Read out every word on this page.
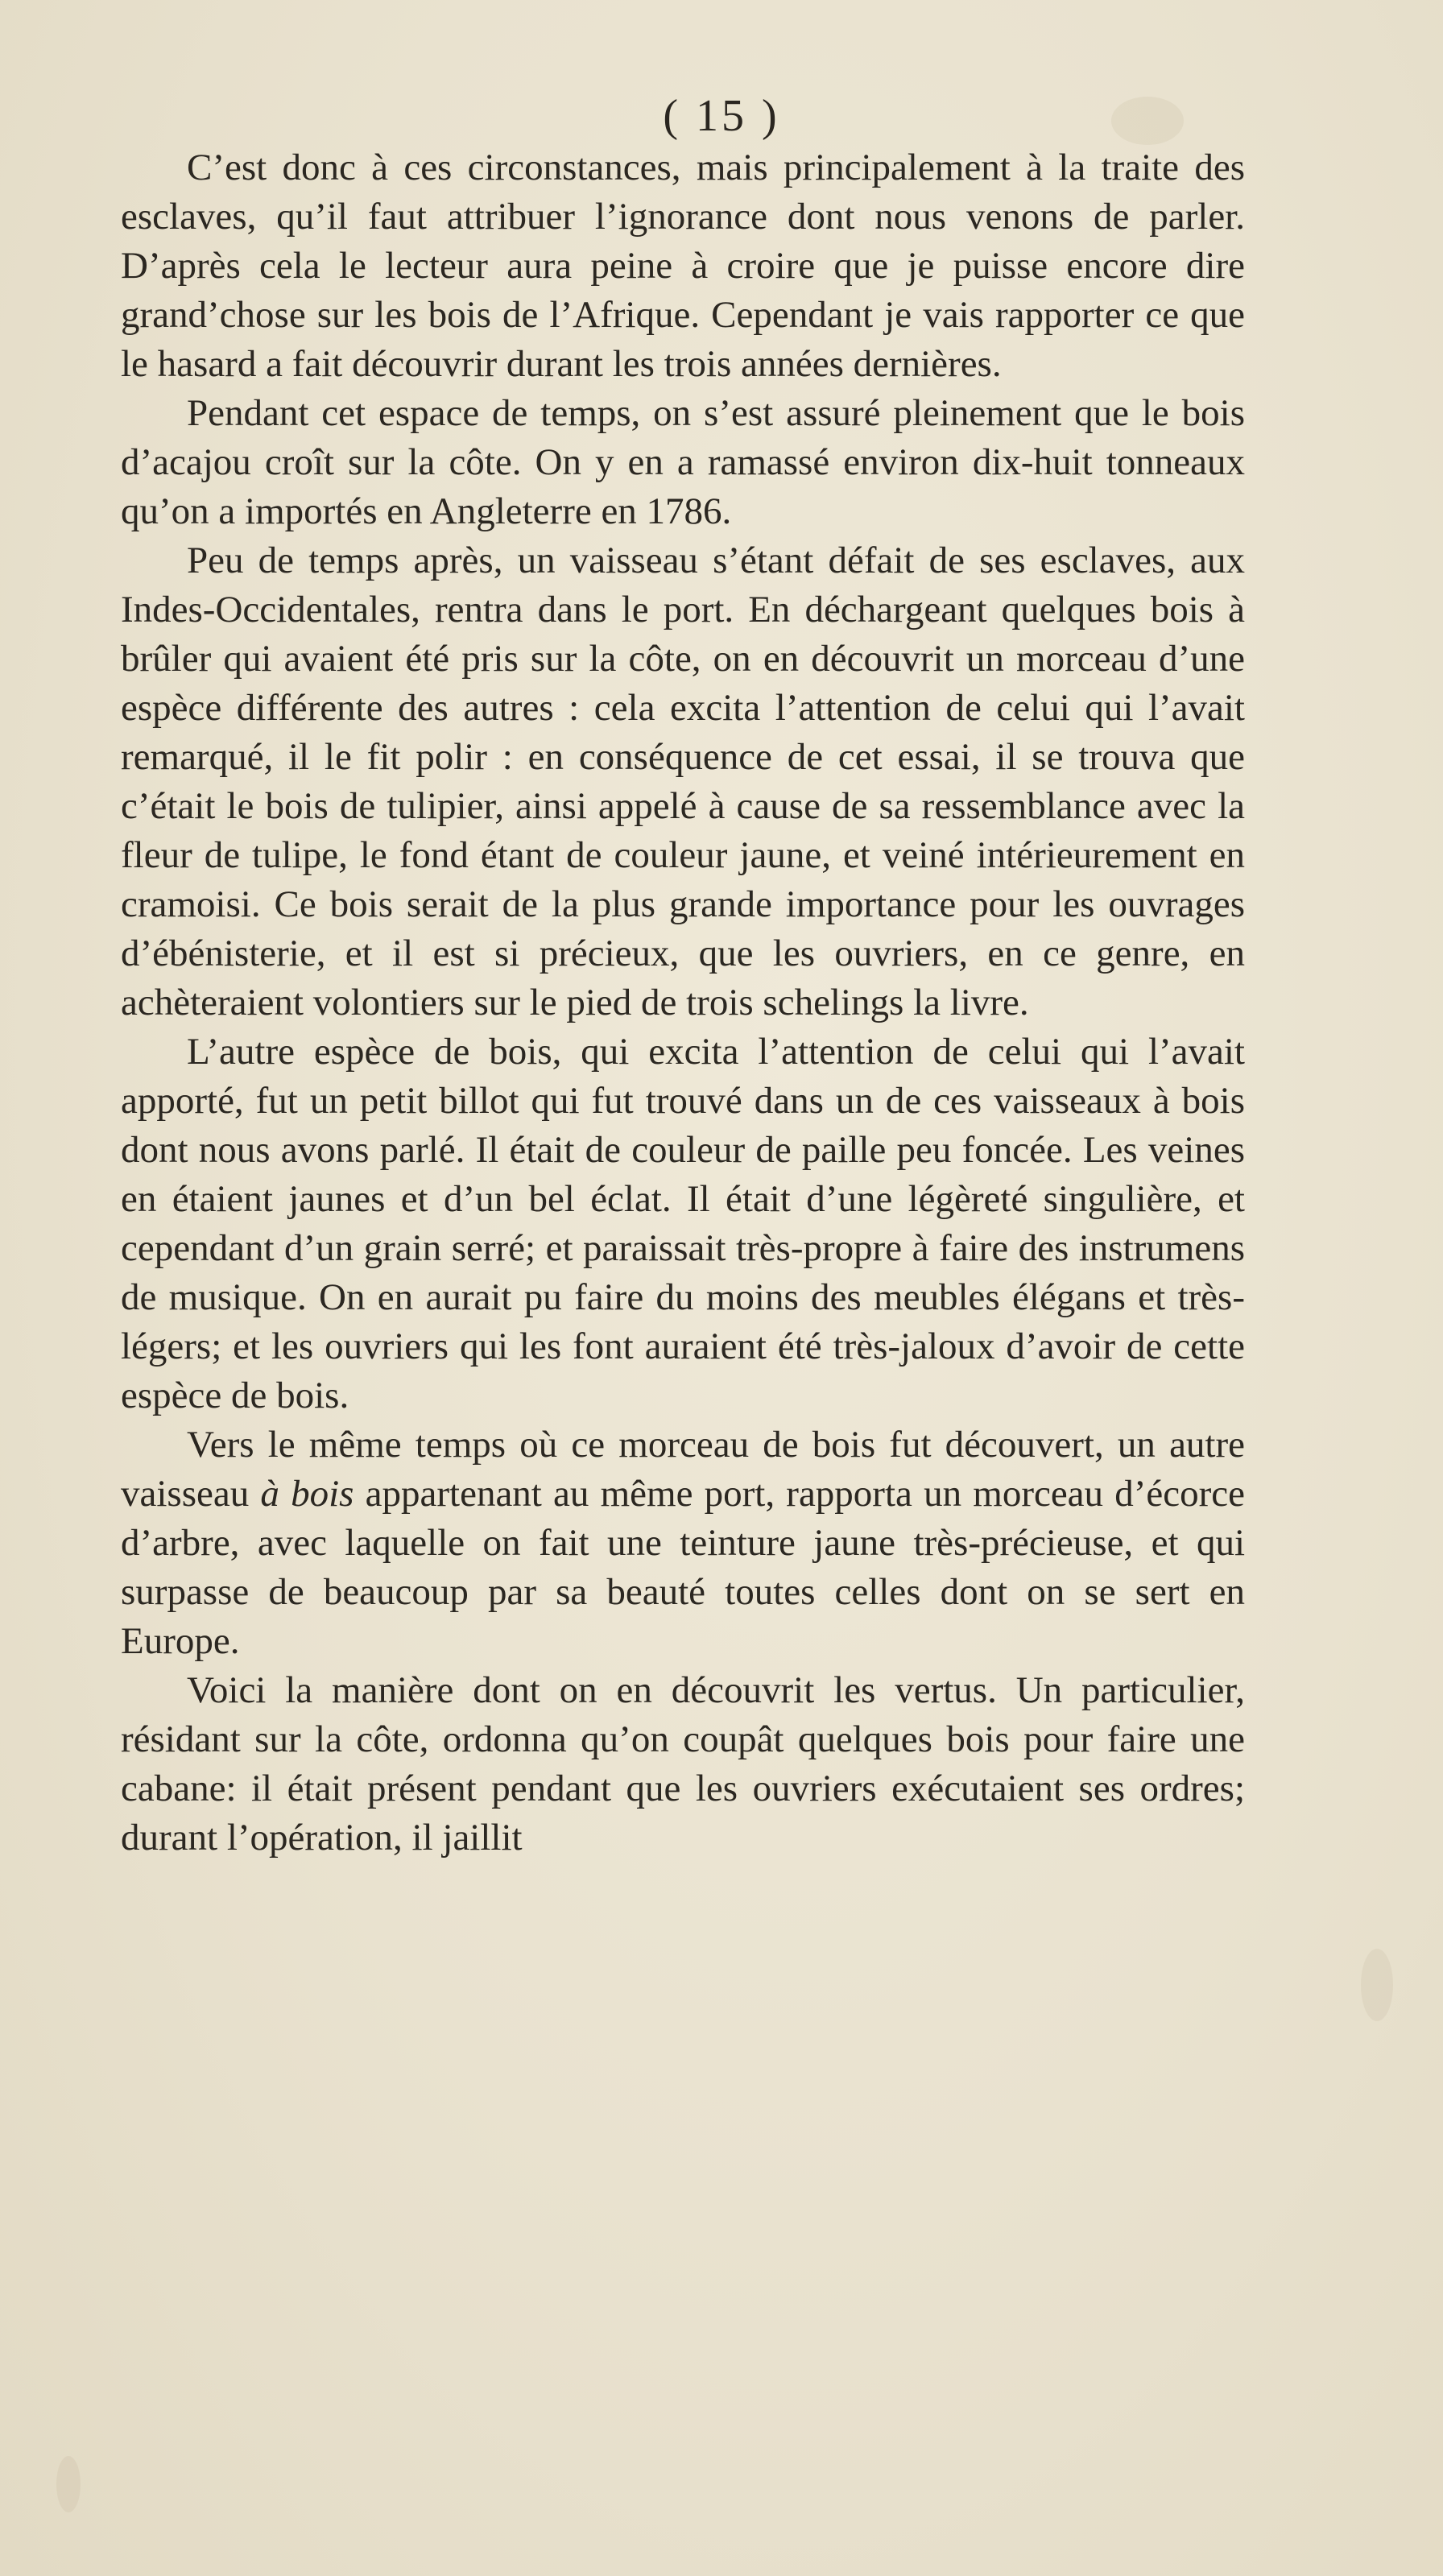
( 15 )

C’est donc à ces circonstances, mais principalement à la traite des esclaves, qu’il faut attribuer l’ignorance dont nous venons de parler. D’après cela le lecteur aura peine à croire que je puisse encore dire grand’chose sur les bois de l’Afrique. Cependant je vais rapporter ce que le hasard a fait découvrir durant les trois années dernières.

Pendant cet espace de temps, on s’est assuré pleinement que le bois d’acajou croît sur la côte. On y en a ramassé environ dix-huit tonneaux qu’on a importés en Angleterre en 1786.

Peu de temps après, un vaisseau s’étant défait de ses esclaves, aux Indes-Occidentales, rentra dans le port. En déchargeant quelques bois à brûler qui avaient été pris sur la côte, on en découvrit un morceau d’une espèce différente des autres : cela excita l’attention de celui qui l’avait remarqué, il le fit polir : en conséquence de cet essai, il se trouva que c’était le bois de tulipier, ainsi appelé à cause de sa ressemblance avec la fleur de tulipe, le fond étant de couleur jaune, et veiné intérieurement en cramoisi. Ce bois serait de la plus grande importance pour les ouvrages d’ébénisterie, et il est si précieux, que les ouvriers, en ce genre, en achèteraient volontiers sur le pied de trois schelings la livre.

L’autre espèce de bois, qui excita l’attention de celui qui l’avait apporté, fut un petit billot qui fut trouvé dans un de ces vaisseaux à bois dont nous avons parlé. Il était de couleur de paille peu foncée. Les veines en étaient jaunes et d’un bel éclat. Il était d’une légèreté singulière, et cependant d’un grain serré; et paraissait très-propre à faire des instrumens de musique. On en aurait pu faire du moins des meubles élégans et très-légers; et les ouvriers qui les font auraient été très-jaloux d’avoir de cette espèce de bois.

Vers le même temps où ce morceau de bois fut découvert, un autre vaisseau à bois appartenant au même port, rapporta un morceau d’écorce d’arbre, avec laquelle on fait une teinture jaune très-précieuse, et qui surpasse de beaucoup par sa beauté toutes celles dont on se sert en Europe.

Voici la manière dont on en découvrit les vertus. Un particulier, résidant sur la côte, ordonna qu’on coupât quelques bois pour faire une cabane: il était présent pendant que les ouvriers exécutaient ses ordres; durant l’opération, il jaillit
